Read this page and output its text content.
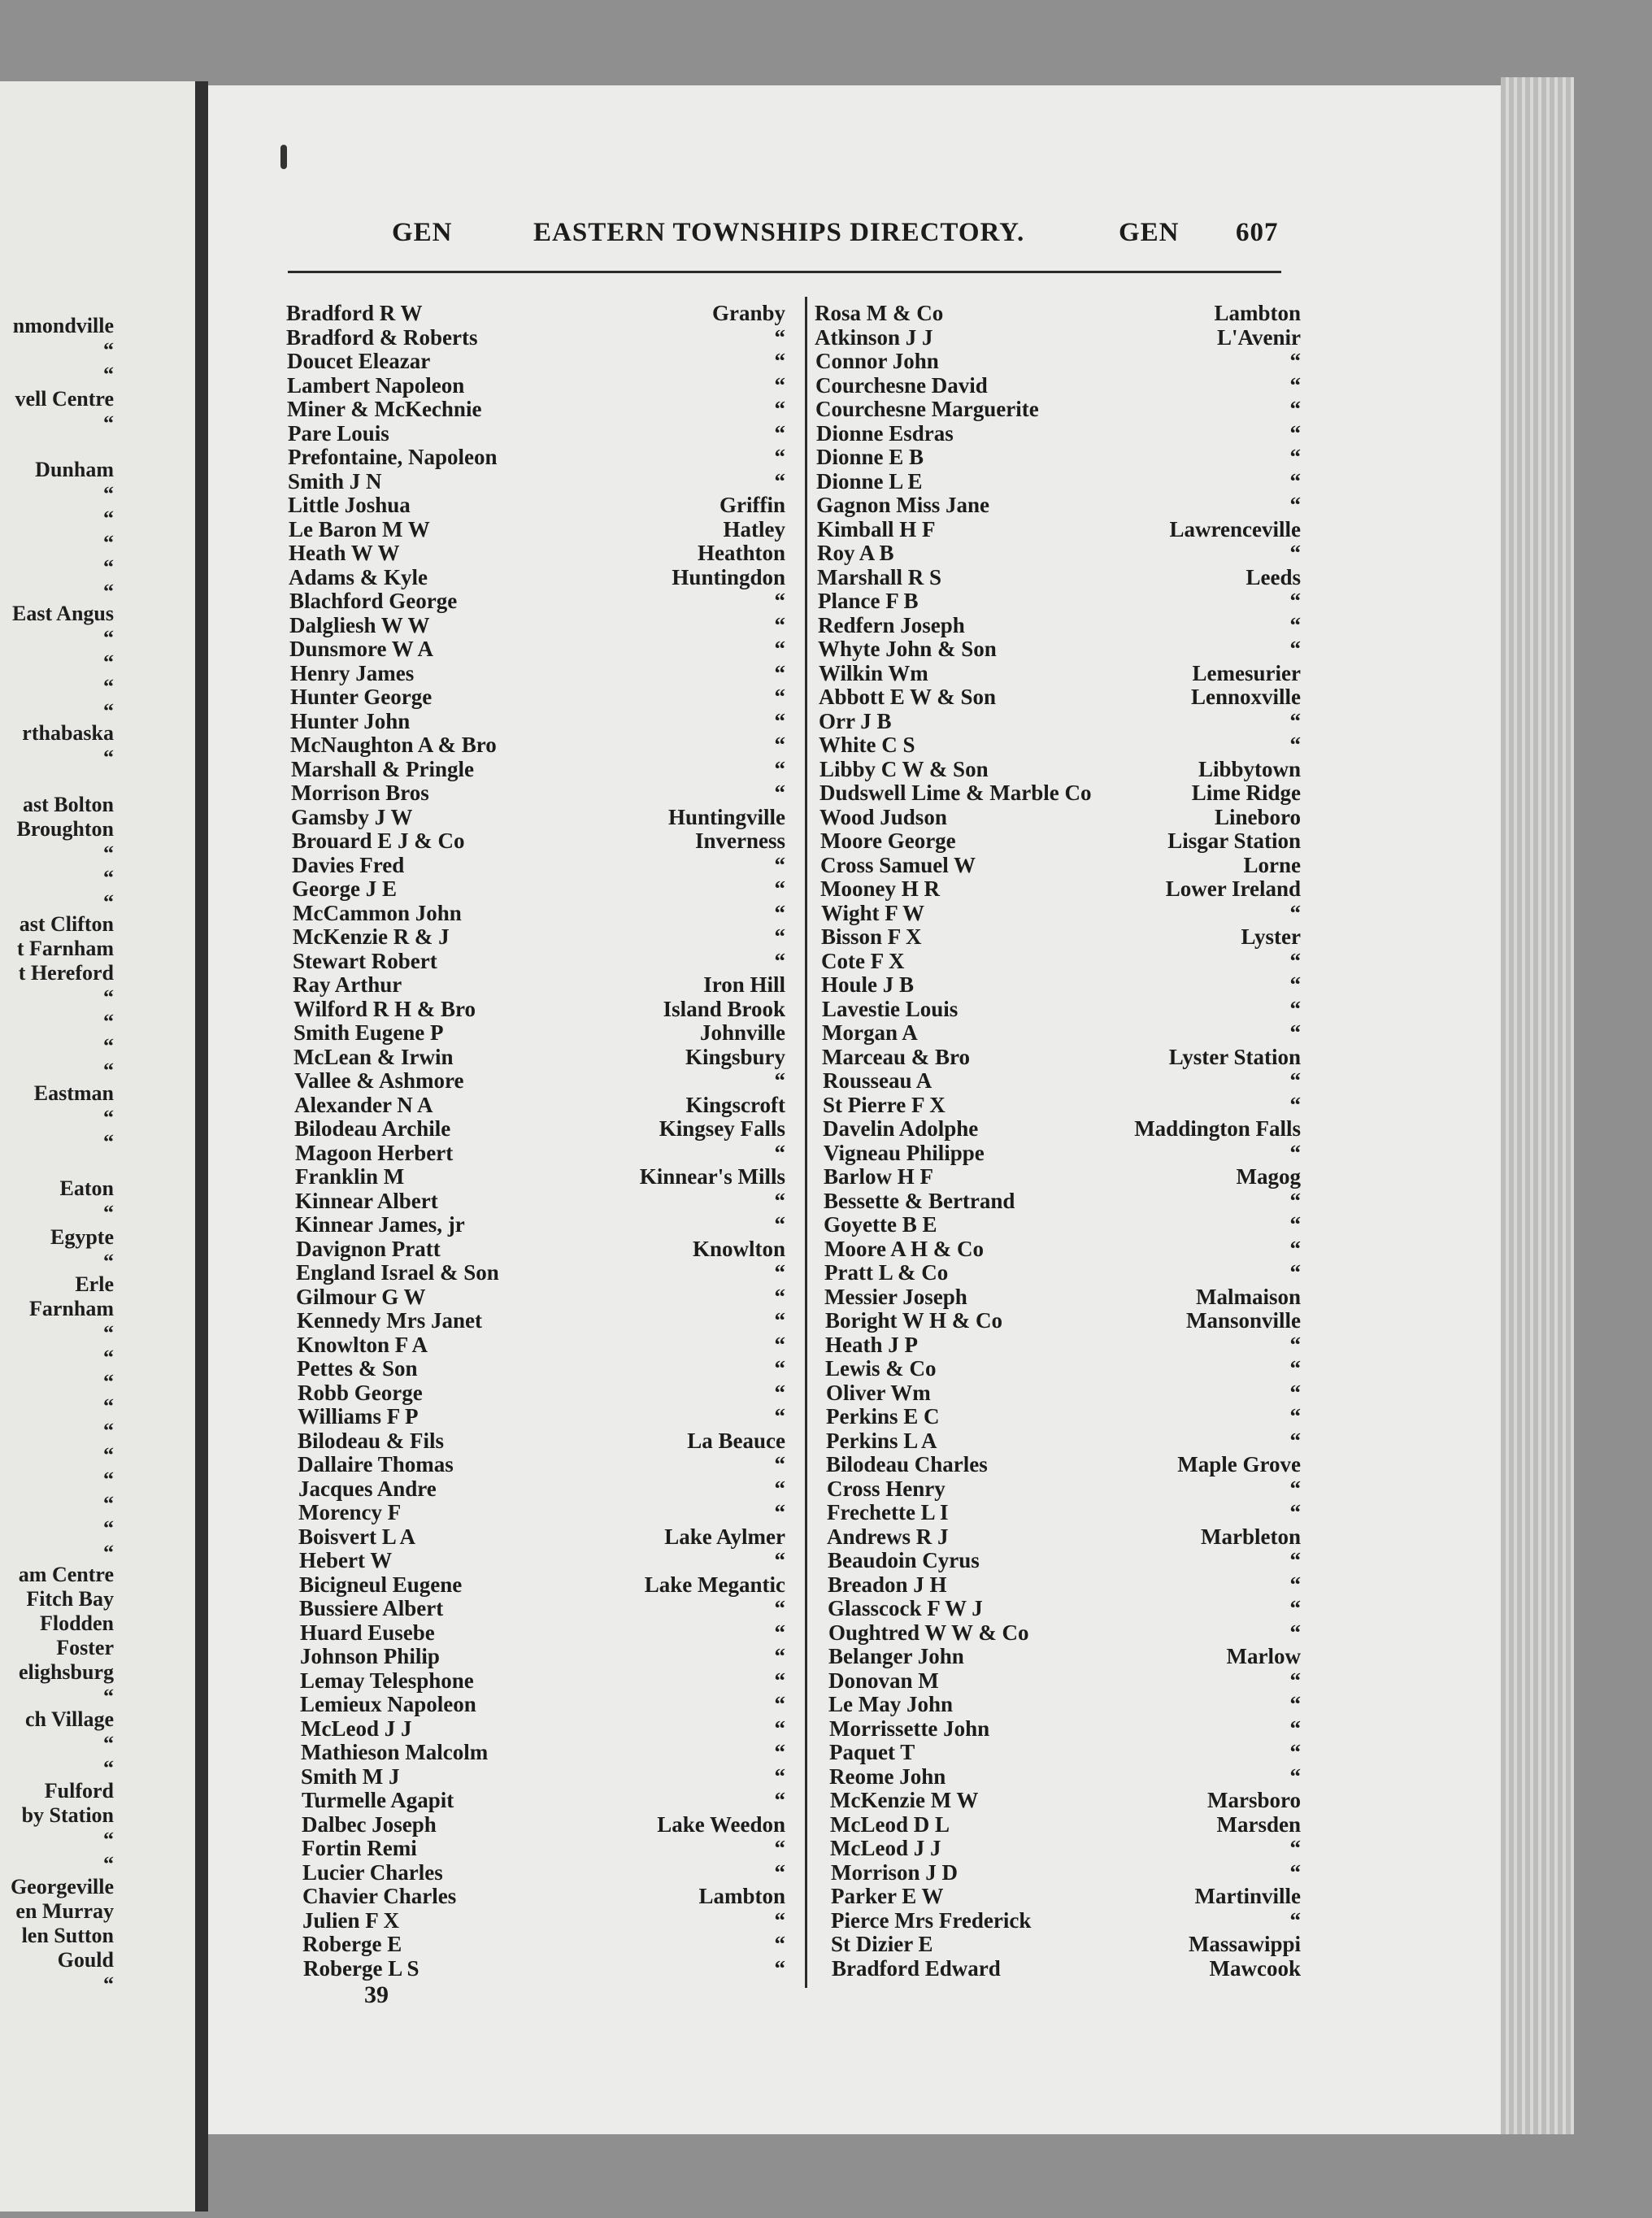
nmondville
“
“
vell Centre
“
Dunham
“
“
“
“
“
East Angus
“
“
“
“
rthabaska
“
ast Bolton
Broughton
“
“
“
ast Clifton
t Farnham
t Hereford
“
“
“
“
Eastman
“
“
Eaton
“
Egypte
“
Erle
Farnham
“
“
“
“
“
“
“
“
“
“
am Centre
Fitch Bay
Flodden
Foster
elighsburg
“
ch Village
“
“
Fulford
by Station
“
“
Georgeville
en Murray
len Sutton
Gould
“
GEN	EASTERN TOWNSHIPS DIRECTORY.	GEN 607
Bradford R W	Granby
Bradford & Roberts	“
Doucet Eleazar	“
Lambert Napoleon	“
Miner & McKechnie	“
Pare Louis	“
Prefontaine, Napoleon	“
Smith J N	“
Little Joshua	Griffin
Le Baron M W	Hatley
Heath W W	Heathton
Adams & Kyle	Huntingdon
Blachford George	“
Dalgliesh W W	“
Dunsmore W A	“
Henry James	“
Hunter George	“
Hunter John	“
McNaughton A & Bro	“
Marshall & Pringle	“
Morrison Bros	“
Gamsby J W	Huntingville
Brouard E J & Co	Inverness
Davies Fred	“
George J E	“
McCammon John	“
McKenzie R & J	“
Stewart Robert	“
Ray Arthur	Iron Hill
Wilford R H & Bro	Island Brook
Smith Eugene P	Johnville
McLean & Irwin	Kingsbury
Vallee & Ashmore	“
Alexander N A	Kingscroft
Bilodeau Archile	Kingsey Falls
Magoon Herbert	“
Franklin M	Kinnear's Mills
Kinnear Albert	“
Kinnear James, jr	“
Davignon Pratt	Knowlton
England Israel & Son	“
Gilmour G W	“
Kennedy Mrs Janet	“
Knowlton F A	“
Pettes & Son	“
Robb George	“
Williams F P	“
Bilodeau & Fils	La Beauce
Dallaire Thomas	“
Jacques Andre	“
Morency F	“
Boisvert L A	Lake Aylmer
Hebert W	“
Bicigneul Eugene	Lake Megantic
Bussiere Albert	“
Huard Eusebe	“
Johnson Philip	“
Lemay Telesphone	“
Lemieux Napoleon	“
McLeod J J	“
Mathieson Malcolm	“
Smith M J	“
Turmelle Agapit	“
Dalbec Joseph	Lake Weedon
Fortin Remi	“
Lucier Charles	“
Chavier Charles	Lambton
Julien F X	“
Roberge E	“
Roberge L S	“
Rosa M & Co	Lambton
Atkinson J J	L'Avenir
Connor John	“
Courchesne David	“
Courchesne Marguerite	“
Dionne Esdras	“
Dionne E B	“
Dionne L E	“
Gagnon Miss Jane	“
Kimball H F	Lawrenceville
Roy A B	“
Marshall R S	Leeds
Plance F B	“
Redfern Joseph	“
Whyte John & Son	“
Wilkin Wm	Lemesurier
Abbott E W & Son	Lennoxville
Orr J B	“
White C S	“
Libby C W & Son	Libbytown
Dudswell Lime & Marble Co	Lime Ridge
Wood Judson	Lineboro
Moore George	Lisgar Station
Cross Samuel W	Lorne
Mooney H R	Lower Ireland
Wight F W	“
Bisson F X	Lyster
Cote F X	“
Houle J B	“
Lavestie Louis	“
Morgan A	“
Marceau & Bro	Lyster Station
Rousseau A	“
St Pierre F X	“
Davelin Adolphe	Maddington Falls
Vigneau Philippe	“
Barlow H F	Magog
Bessette & Bertrand	“
Goyette B E	“
Moore A H & Co	“
Pratt L & Co	“
Messier Joseph	Malmaison
Boright W H & Co	Mansonville
Heath J P	“
Lewis & Co	“
Oliver Wm	“
Perkins E C	“
Perkins L A	“
Bilodeau Charles	Maple Grove
Cross Henry	“
Frechette L I	“
Andrews R J	Marbleton
Beaudoin Cyrus	“
Breadon J H	“
Glasscock F W J	“
Oughtred W W & Co	“
Belanger John	Marlow
Donovan M	“
Le May John	“
Morrissette John	“
Paquet T	“
Reome John	“
McKenzie M W	Marsboro
McLeod D L	Marsden
McLeod J J	“
Morrison J D	“
Parker E W	Martinville
Pierce Mrs Frederick	“
St Dizier E	Massawippi
Bradford Edward	Mawcook
39
